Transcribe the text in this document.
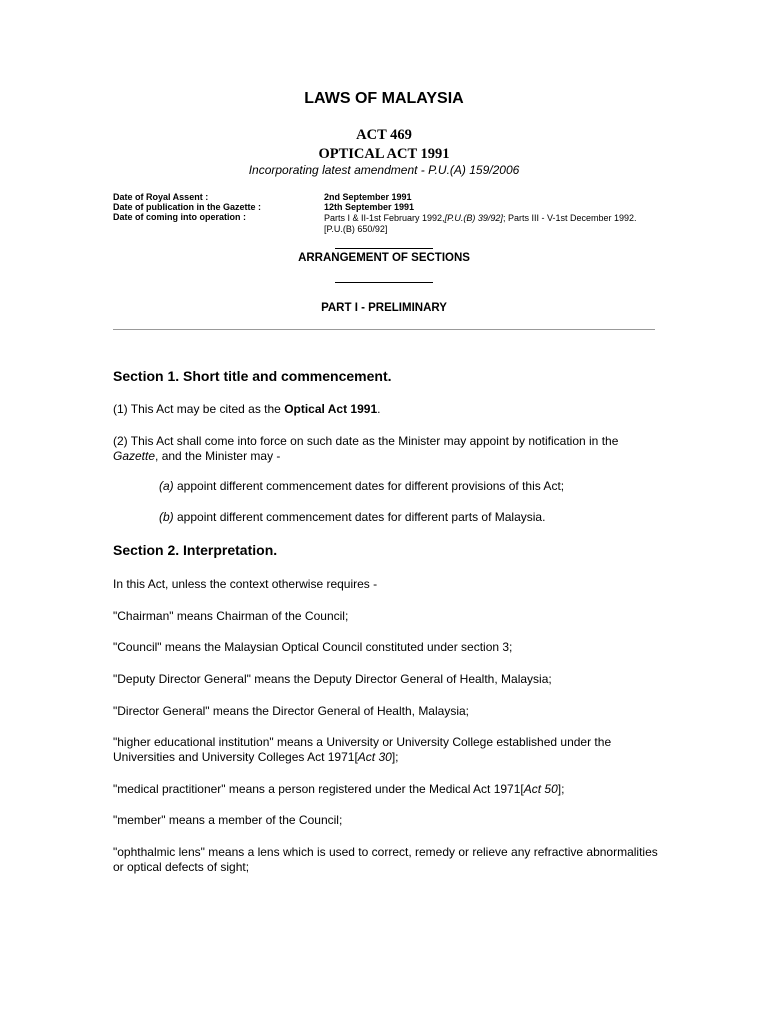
LAWS OF MALAYSIA
ACT 469
OPTICAL ACT 1991
Incorporating latest amendment - P.U.(A) 159/2006
Date of Royal Assent :	2nd September 1991
Date of publication in the Gazette :	12th September 1991
Date of coming into operation :	Parts I & II-1st February 1992,[P.U.(B) 39/92]; Parts III - V-1st December 1992.[P.U.(B) 650/92]
ARRANGEMENT OF SECTIONS
PART I - PRELIMINARY
Section 1. Short title and commencement.
(1) This Act may be cited as the Optical Act 1991.
(2) This Act shall come into force on such date as the Minister may appoint by notification in the Gazette, and the Minister may -
(a) appoint different commencement dates for different provisions of this Act;
(b) appoint different commencement dates for different parts of Malaysia.
Section 2. Interpretation.
In this Act, unless the context otherwise requires -
"Chairman" means Chairman of the Council;
"Council" means the Malaysian Optical Council constituted under section 3;
"Deputy Director General" means the Deputy Director General of Health, Malaysia;
"Director General" means the Director General of Health, Malaysia;
"higher educational institution" means a University or University College established under the Universities and University Colleges Act 1971[Act 30];
"medical practitioner" means a person registered under the Medical Act 1971[Act 50];
"member" means a member of the Council;
"ophthalmic lens" means a lens which is used to correct, remedy or relieve any refractive abnormalities or optical defects of sight;
